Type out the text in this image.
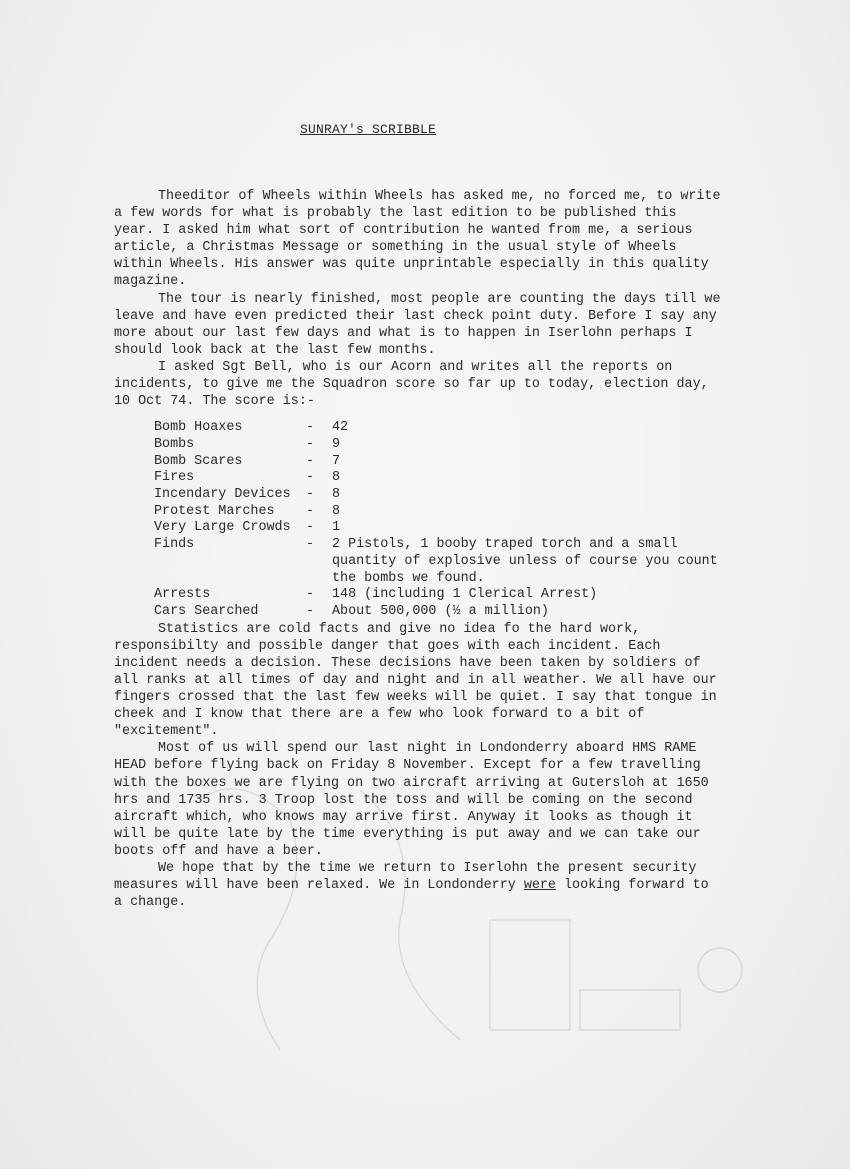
SUNRAY's SCRIBBLE

Theeditor of Wheels within Wheels has asked me, no forced me, to write a few words for what is probably the last edition to be published this year. I asked him what sort of contribution he wanted from me, a serious article, a Christmas Message or something in the usual style of Wheels within Wheels. His answer was quite unprintable especially in this quality magazine.

The tour is nearly finished, most people are counting the days till we leave and have even predicted their last check point duty. Before I say any more about our last few days and what is to happen in Iserlohn perhaps I should look back at the last few months.

I asked Sgt Bell, who is our Acorn and writes all the reports on incidents, to give me the Squadron score so far up to today, election day, 10 Oct 74. The score is:-

Bomb Hoaxes	-	42
Bombs	-	9
Bomb Scares	-	7
Fires	-	8
Incendary Devices	-	8
Protest Marches	-	8
Very Large Crowds	-	1
Finds	-	2 Pistols, 1 booby traped torch and a small quantity of explosive unless of course you count the bombs we found.
Arrests	-	148 (including 1 Clerical Arrest)
Cars Searched	-	About 500,000 (½ a million)

Statistics are cold facts and give no idea fo the hard work, responsibilty and possible danger that goes with each incident. Each incident needs a decision. These decisions have been taken by soldiers of all ranks at all times of day and night and in all weather. We all have our fingers crossed that the last few weeks will be quiet. I say that tongue in cheek and I know that there are a few who look forward to a bit of "excitement".

Most of us will spend our last night in Londonderry aboard HMS RAME HEAD before flying back on Friday 8 November. Except for a few travelling with the boxes we are flying on two aircraft arriving at Gutersloh at 1650 hrs and 1735 hrs. 3 Troop lost the toss and will be coming on the second aircraft which, who knows may arrive first. Anyway it looks as though it will be quite late by the time everything is put away and we can take our boots off and have a beer.

We hope that by the time we return to Iserlohn the present security measures will have been relaxed. We in Londonderry were looking forward to a change.
